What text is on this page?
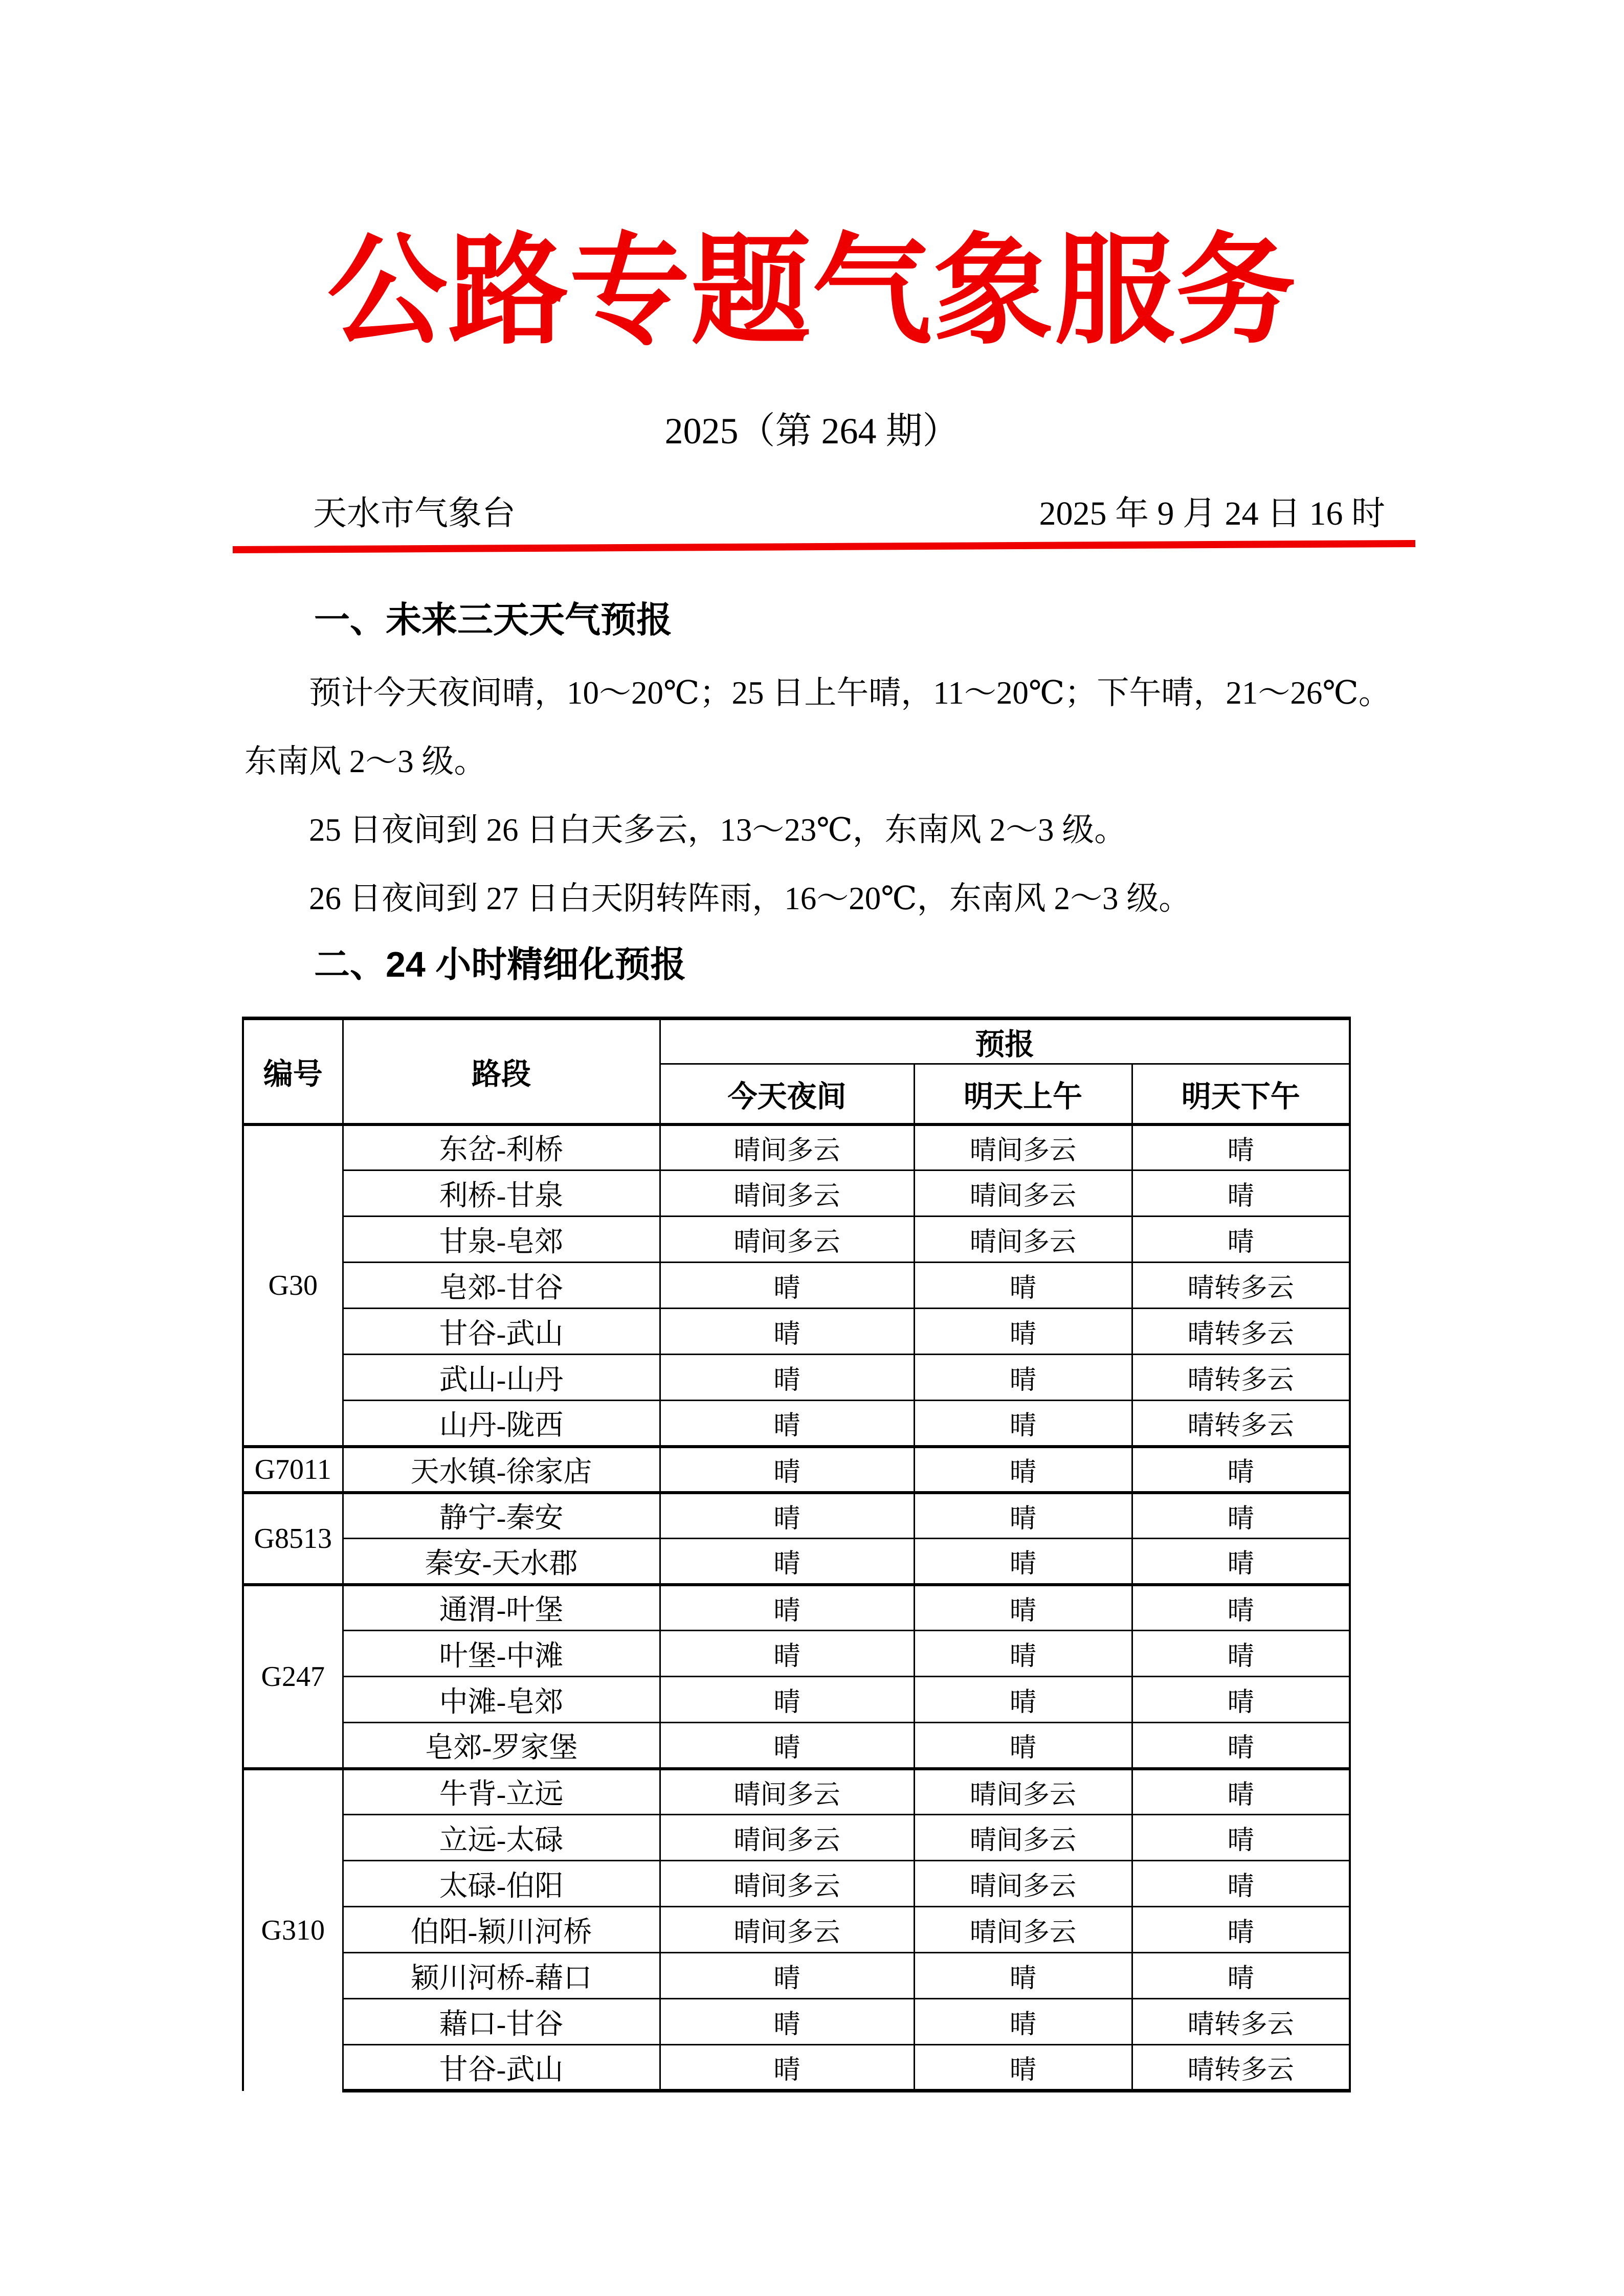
公路专题气象服务
2025（第 264 期）
天水市气象台	2025 年 9 月 24 日 16 时
一、未来三天天气预报

预计今天夜间晴，10～20℃；25 日上午晴，11～20℃；下午晴，21～26℃。

东南风 2～3 级。

25 日夜间到 26 日白天多云，13～23℃，东南风 2～3 级。

26 日夜间到 27 日白天阴转阵雨，16～20℃，东南风 2～3 级。

二、24 小时精细化预报
编号	路段	预报		
		今天夜间	明天上午	明天下午
G30	东岔-利桥	晴间多云	晴间多云	晴
	利桥-甘泉	晴间多云	晴间多云	晴
	甘泉-皂郊	晴间多云	晴间多云	晴
	皂郊-甘谷	晴	晴	晴转多云
	甘谷-武山	晴	晴	晴转多云
	武山-山丹	晴	晴	晴转多云
	山丹-陇西	晴	晴	晴转多云
G7011	天水镇-徐家店	晴	晴	晴
G8513	静宁-秦安	晴	晴	晴
	秦安-天水郡	晴	晴	晴
G247	通渭-叶堡	晴	晴	晴
	叶堡-中滩	晴	晴	晴
	中滩-皂郊	晴	晴	晴
	皂郊-罗家堡	晴	晴	晴
G310	牛背-立远	晴间多云	晴间多云	晴
	立远-太碌	晴间多云	晴间多云	晴
	太碌-伯阳	晴间多云	晴间多云	晴
	伯阳-颖川河桥	晴间多云	晴间多云	晴
	颖川河桥-藉口	晴	晴	晴
	藉口-甘谷	晴	晴	晴转多云
	甘谷-武山	晴	晴	晴转多云
